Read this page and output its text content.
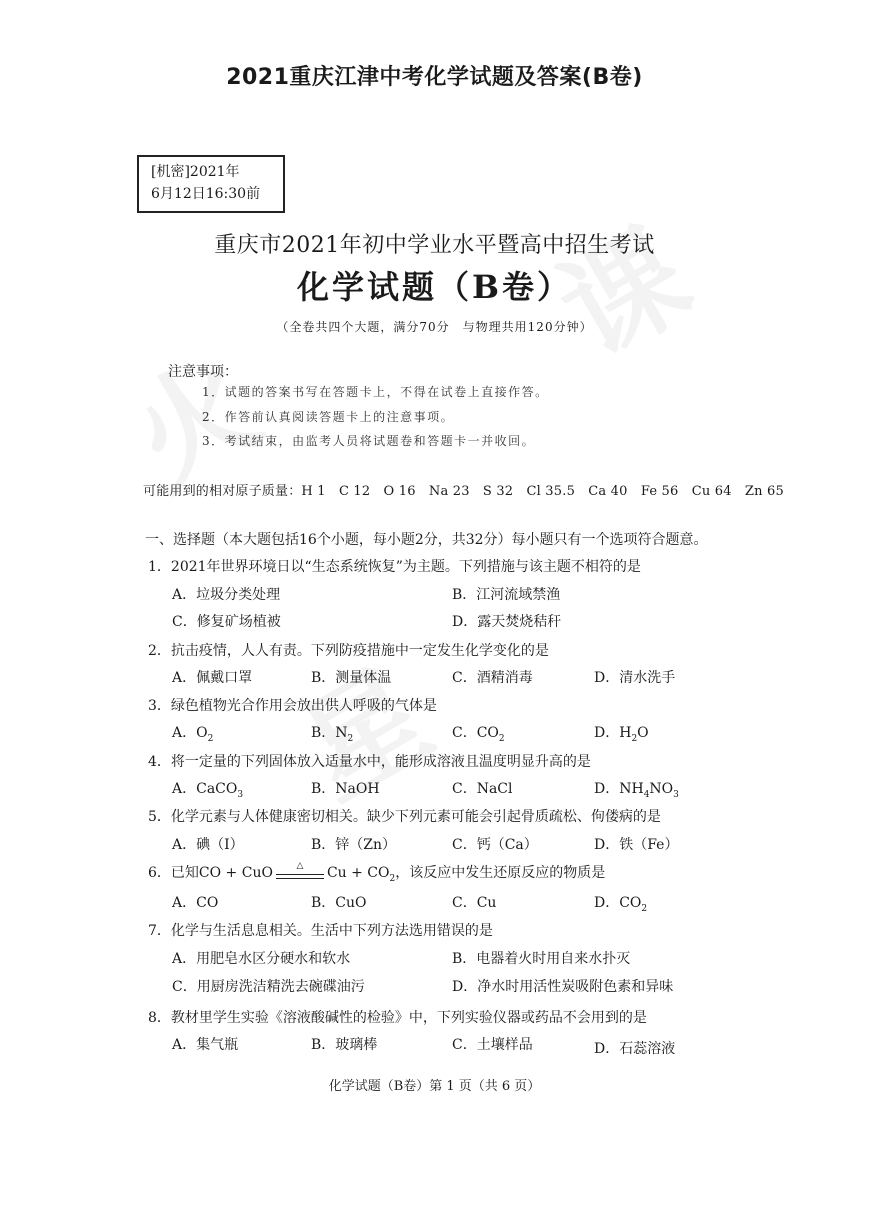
2021重庆江津中考化学试题及答案(B卷)
[机密]2021年
6月12日16:30前
重庆市2021年初中学业水平暨高中招生考试
化学试题（B卷）
（全卷共四个大题，满分70分　与物理共用120分钟）
注意事项：
1．试题的答案书写在答题卡上，不得在试卷上直接作答。
2．作答前认真阅读答题卡上的注意事项。
3．考试结束，由监考人员将试题卷和答题卡一并收回。
可能用到的相对原子质量：H 1　C 12　O 16　Na 23　S 32　Cl 35.5　Ca 40　Fe 56　Cu 64　Zn 65
一、选择题（本大题包括16个小题，每小题2分，共32分）每小题只有一个选项符合题意。
1．2021年世界环境日以“生态系统恢复”为主题。下列措施与该主题不相符的是
A．垃圾分类处理	B．江河流域禁渔
C．修复矿场植被	D．露天焚烧秸秆
2．抗击疫情，人人有责。下列防疫措施中一定发生化学变化的是
A．佩戴口罩	B．测量体温	C．酒精消毒	D．清水洗手
3．绿色植物光合作用会放出供人呼吸的气体是
A．$O_2$	B．$N_2$	C．$CO_2$	D．$H_2O$
4．将一定量的下列固体放入适量水中，能形成溶液且温度明显升高的是
A．CaCO$_3$	B．NaOH	C．NaCl	D．$NH_4NO_3$
5．化学元素与人体健康密切相关。缺少下列元素可能会引起骨质疏松、佝偻病的是
A．碘（I）	B．锌（Zn）	C．钙（Ca）	D．铁（Fe）
6．已知CO + CuO	△	$Cu + CO_2$，该反应中发生还原反应的物质是
A．CO	B．CuO	C．Cu	D．$CO_2$
7．化学与生活息息相关。生活中下列方法选用错误的是
A．用肥皂水区分硬水和软水	B．电器着火时用自来水扑灭
C．用厨房洗洁精洗去碗碟油污	D．净水时用活性炭吸附色素和异味
8．教材里学生实验《溶液酸碱性的检验》中，下列实验仪器或药品不会用到的是
A．集气瓶	B．玻璃棒	C．土壤样品	D．石蕊溶液
化学试题（B卷）第 1 页（共 6 页）
